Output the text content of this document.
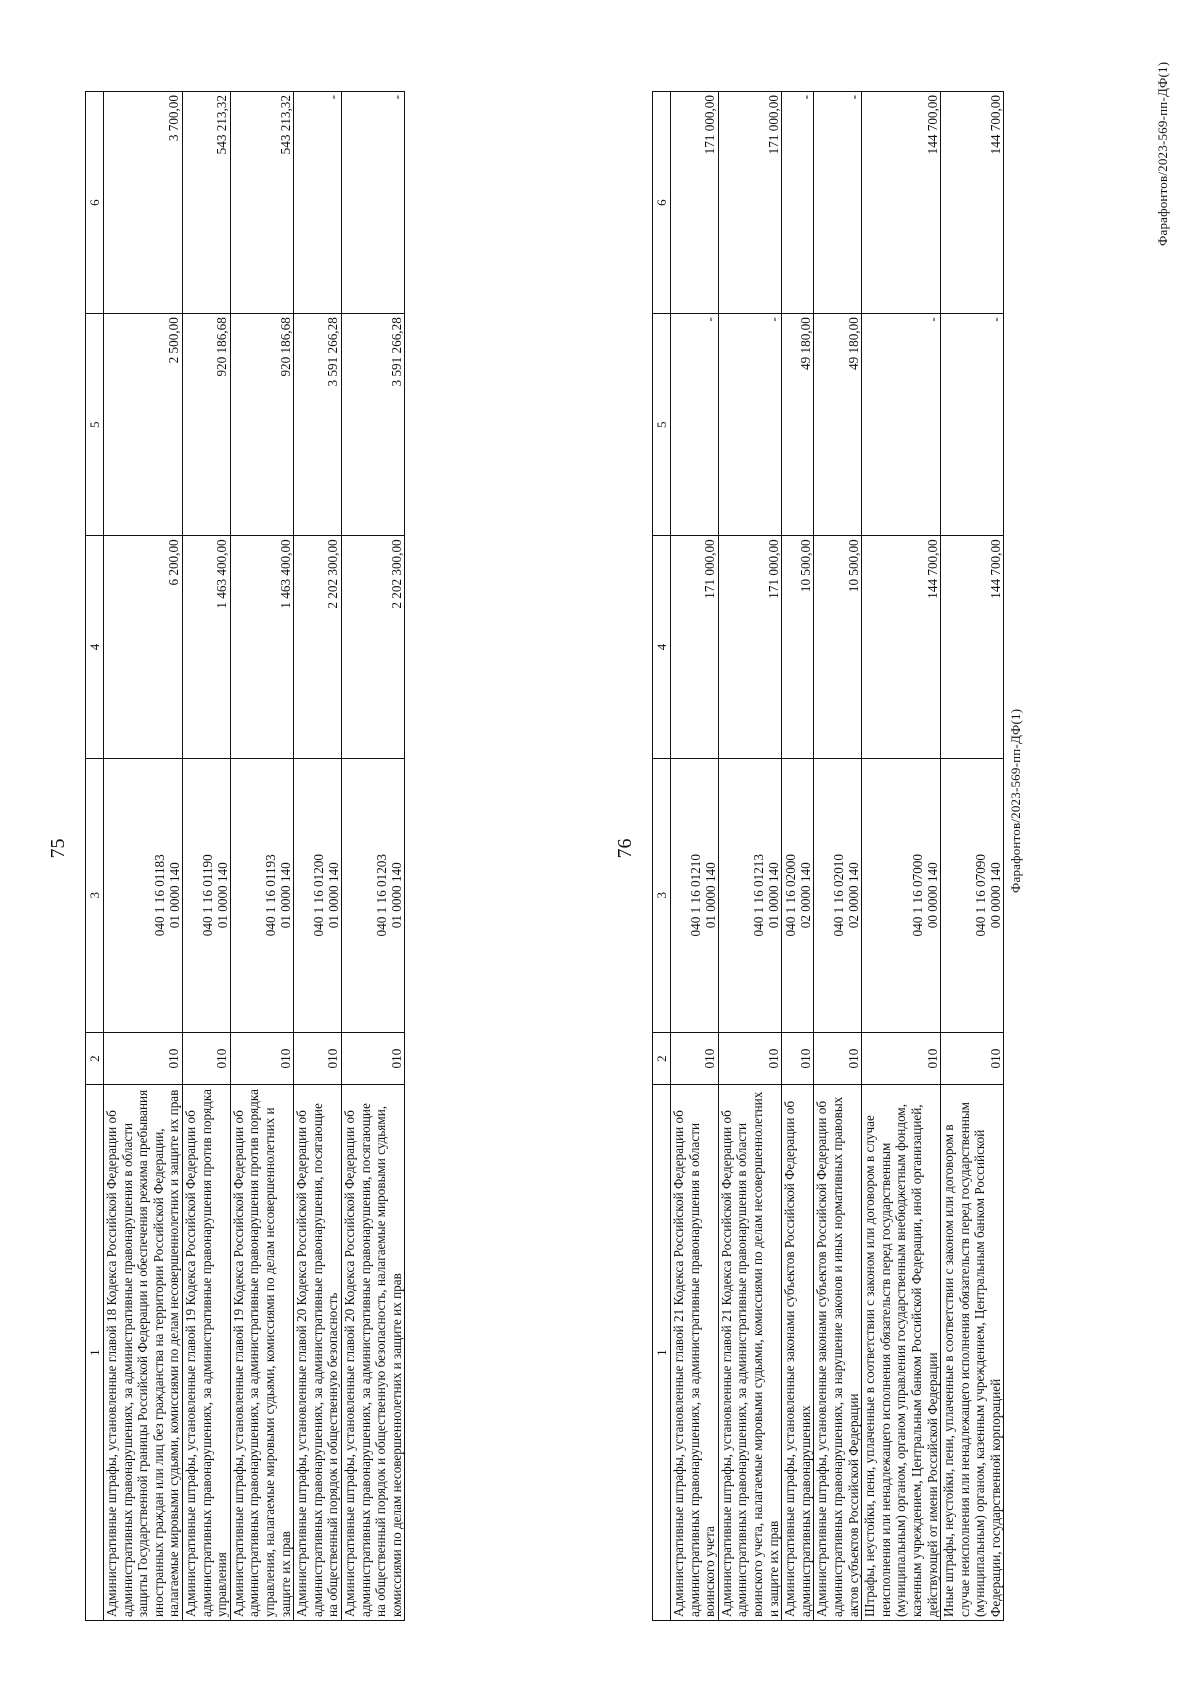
75
1	2	3	4	5	6
Административные штрафы, установленные главой 18 Кодекса Российской Федерации об административных правонарушениях, за административные правонарушения в области защиты Государственной границы Российской Федерации и обеспечения режима пребывания иностранных граждан или лиц без гражданства на территории Российской Федерации, налагаемые мировыми судьями, комиссиями по делам несовершеннолетних и защите их прав	010	040 1 16 01183
01 0000 140	6 200,00	2 500,00	3 700,00
Административные штрафы, установленные главой 19 Кодекса Российской Федерации об административных правонарушениях, за административные правонарушения против порядка управления	010	040 1 16 01190
01 0000 140	1 463 400,00	920 186,68	543 213,32
Административные штрафы, установленные главой 19 Кодекса Российской Федерации об административных правонарушениях, за административные правонарушения против порядка управления, налагаемые мировыми судьями, комиссиями по делам несовершеннолетних и защите их прав	010	040 1 16 01193
01 0000 140	1 463 400,00	920 186,68	543 213,32
Административные штрафы, установленные главой 20 Кодекса Российской Федерации об административных правонарушениях, за административные правонарушения, посягающие на общественный порядок и общественную безопасность	010	040 1 16 01200
01 0000 140	2 202 300,00	3 591 266,28	-
Административные штрафы, установленные главой 20 Кодекса Российской Федерации об административных правонарушениях, за административные правонарушения, посягающие на общественный порядок и общественную безопасность, налагаемые мировыми судьями, комиссиями по делам несовершеннолетних и защите их прав	010	040 1 16 01203
01 0000 140	2 202 300,00	3 591 266,28	-
76
1	2	3	4	5	6
Административные штрафы, установленные главой 21 Кодекса Российской Федерации об административных правонарушениях, за административные правонарушения в области воинского учета	010	040 1 16 01210
01 0000 140	171 000,00	-	171 000,00
Административные штрафы, установленные главой 21 Кодекса Российской Федерации об административных правонарушениях, за административные правонарушения в области воинского учета, налагаемые мировыми судьями, комиссиями по делам несовершеннолетних и защите их прав	010	040 1 16 01213
01 0000 140	171 000,00	-	171 000,00
Административные штрафы, установленные законами субъектов Российской Федерации об административных правонарушениях	010	040 1 16 02000
02 0000 140	10 500,00	49 180,00	-
Административные штрафы, установленные законами субъектов Российской Федерации об административных правонарушениях, за нарушение законов и иных нормативных правовых актов субъектов Российской Федерации	010	040 1 16 02010
02 0000 140	10 500,00	49 180,00	-
Штрафы, неустойки, пени, уплаченные в соответствии с законом или договором в случае неисполнения или ненадлежащего исполнения обязательств перед государственным (муниципальным) органом, органом управления государственным внебюджетным фондом, казенным учреждением, Центральным банком Российской Федерации, иной организацией, действующей от имени Российской Федерации	010	040 1 16 07000
00 0000 140	144 700,00	-	144 700,00
Иные штрафы, неустойки, пени, уплаченные в соответствии с законом или договором в случае неисполнения или ненадлежащего исполнения обязательств перед государственным (муниципальным) органом, казенным учреждением, Центральным банком Российской Федерации, государственной корпорацией	010	040 1 16 07090
00 0000 140	144 700,00	-	144 700,00
Фарафонтов/2023-569-пп-ДФ(1)
Фарафонтов/2023-569-пп-ДФ(1)
